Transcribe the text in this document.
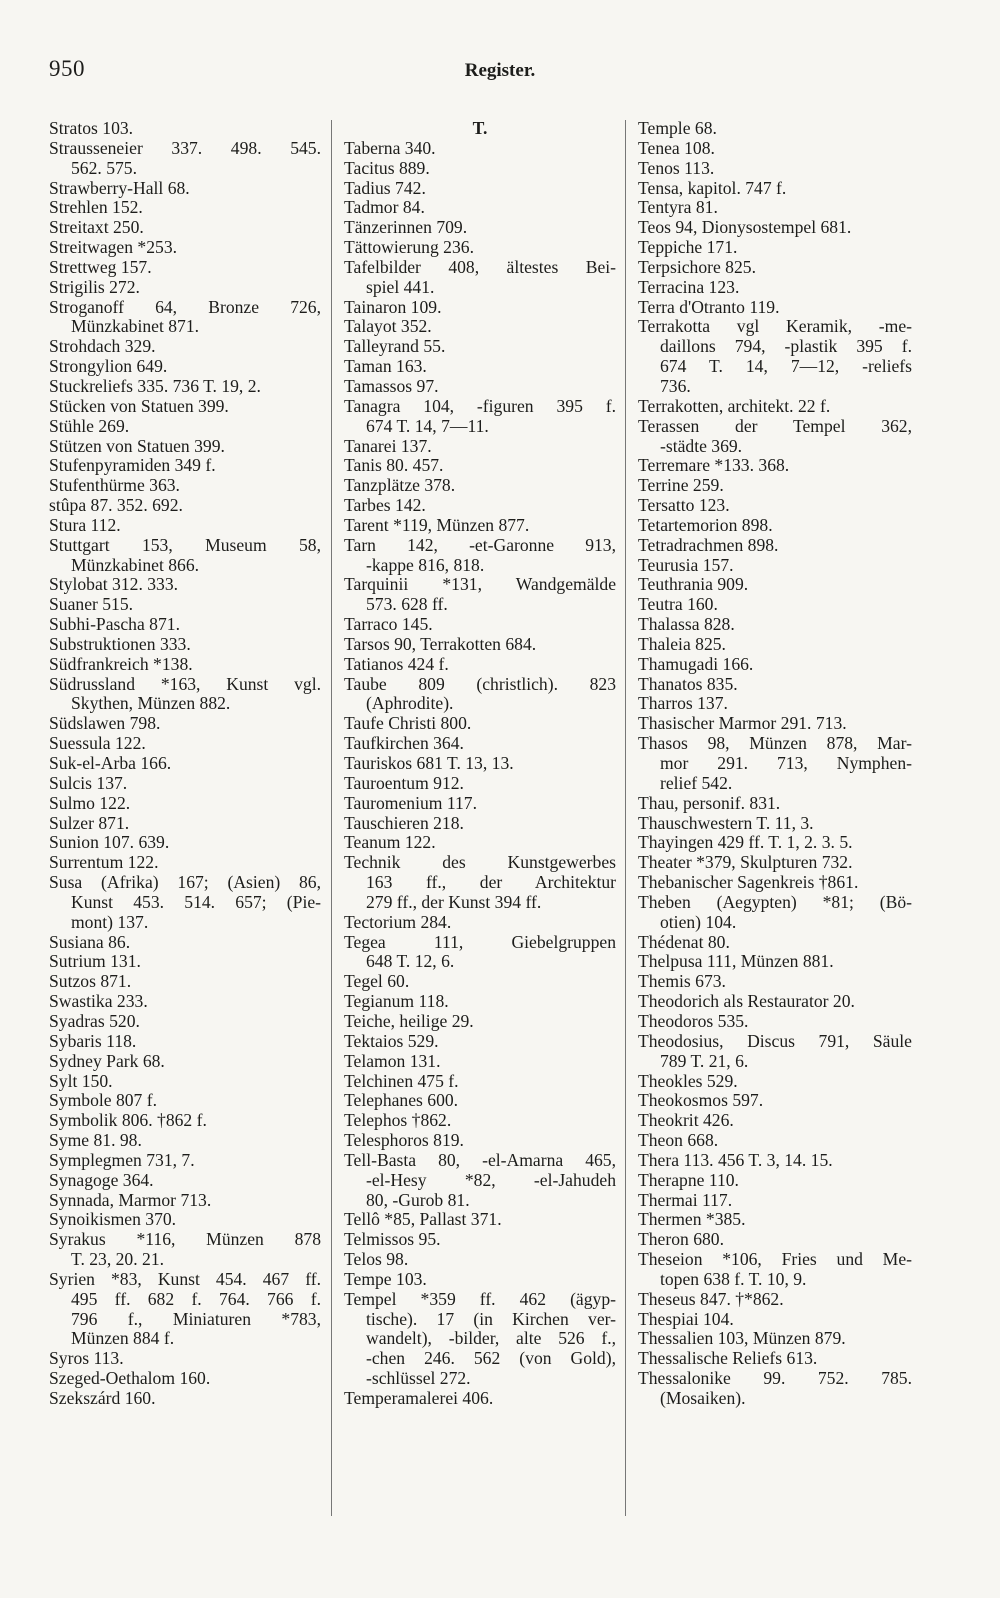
950	Register.
Stratos 103.
Strausseneier 337. 498. 545.
562. 575.
Strawberry-Hall 68.
Strehlen 152.
Streitaxt 250.
Streitwagen *253.
Strettweg 157.
Strigilis 272.
Stroganoff 64, Bronze 726,
Münzkabinet 871.
Strohdach 329.
Strongylion 649.
Stuckreliefs 335. 736 T. 19, 2.
Stücken von Statuen 399.
Stühle 269.
Stützen von Statuen 399.
Stufenpyramiden 349 f.
Stufenthürme 363.
stûpa 87. 352. 692.
Stura 112.
Stuttgart 153, Museum 58,
Münzkabinet 866.
Stylobat 312. 333.
Suaner 515.
Subhi-Pascha 871.
Substruktionen 333.
Südfrankreich *138.
Südrussland *163, Kunst vgl.
Skythen, Münzen 882.
Südslawen 798.
Suessula 122.
Suk-el-Arba 166.
Sulcis 137.
Sulmo 122.
Sulzer 871.
Sunion 107. 639.
Surrentum 122.
Susa (Afrika) 167; (Asien) 86,
Kunst 453. 514. 657; (Pie-
mont) 137.
Susiana 86.
Sutrium 131.
Sutzos 871.
Swastika 233.
Syadras 520.
Sybaris 118.
Sydney Park 68.
Sylt 150.
Symbole 807 f.
Symbolik 806. †862 f.
Syme 81. 98.
Symplegmen 731, 7.
Synagoge 364.
Synnada, Marmor 713.
Synoikismen 370.
Syrakus *116, Münzen 878
T. 23, 20. 21.
Syrien *83, Kunst 454. 467 ff.
495 ff. 682 f. 764. 766 f.
796 f., Miniaturen *783,
Münzen 884 f.
Syros 113.
Szeged-Oethalom 160.
Szekszárd 160.
T.
Taberna 340.
Tacitus 889.
Tadius 742.
Tadmor 84.
Tänzerinnen 709.
Tättowierung 236.
Tafelbilder 408, ältestes Bei-
spiel 441.
Tainaron 109.
Talayot 352.
Talleyrand 55.
Taman 163.
Tamassos 97.
Tanagra 104, -figuren 395 f.
674 T. 14, 7—11.
Tanarei 137.
Tanis 80. 457.
Tanzplätze 378.
Tarbes 142.
Tarent *119, Münzen 877.
Tarn 142, -et-Garonne 913,
-kappe 816, 818.
Tarquinii *131, Wandgemälde
573. 628 ff.
Tarraco 145.
Tarsos 90, Terrakotten 684.
Tatianos 424 f.
Taube 809 (christlich). 823
(Aphrodite).
Taufe Christi 800.
Taufkirchen 364.
Tauriskos 681 T. 13, 13.
Tauroentum 912.
Tauromenium 117.
Tauschieren 218.
Teanum 122.
Technik des Kunstgewerbes
163 ff., der Architektur
279 ff., der Kunst 394 ff.
Tectorium 284.
Tegea 111, Giebelgruppen
648 T. 12, 6.
Tegel 60.
Tegianum 118.
Teiche, heilige 29.
Tektaios 529.
Telamon 131.
Telchinen 475 f.
Telephanes 600.
Telephos †862.
Telesphoros 819.
Tell-Basta 80, -el-Amarna 465,
-el-Hesy *82, -el-Jahudeh
80, -Gurob 81.
Tellô *85, Pallast 371.
Telmissos 95.
Telos 98.
Tempe 103.
Tempel *359 ff. 462 (ägyp-
tische). 17 (in Kirchen ver-
wandelt), -bilder, alte 526 f.,
-chen 246. 562 (von Gold),
-schlüssel 272.
Temperamalerei 406.
Temple 68.
Tenea 108.
Tenos 113.
Tensa, kapitol. 747 f.
Tentyra 81.
Teos 94, Dionysostempel 681.
Teppiche 171.
Terpsichore 825.
Terracina 123.
Terra d'Otranto 119.
Terrakotta vgl Keramik, -me-
daillons 794, -plastik 395 f.
674 T. 14, 7—12, -reliefs
736.
Terrakotten, architekt. 22 f.
Terassen der Tempel 362,
-städte 369.
Terremare *133. 368.
Terrine 259.
Tersatto 123.
Tetartemorion 898.
Tetradrachmen 898.
Teurusia 157.
Teuthrania 909.
Teutra 160.
Thalassa 828.
Thaleia 825.
Thamugadi 166.
Thanatos 835.
Tharros 137.
Thasischer Marmor 291. 713.
Thasos 98, Münzen 878, Mar-
mor 291. 713, Nymphen-
relief 542.
Thau, personif. 831.
Thauschwestern T. 11, 3.
Thayingen 429 ff. T. 1, 2. 3. 5.
Theater *379, Skulpturen 732.
Thebanischer Sagenkreis †861.
Theben (Aegypten) *81; (Bö-
otien) 104.
Thédenat 80.
Thelpusa 111, Münzen 881.
Themis 673.
Theodorich als Restaurator 20.
Theodoros 535.
Theodosius, Discus 791, Säule
789 T. 21, 6.
Theokles 529.
Theokosmos 597.
Theokrit 426.
Theon 668.
Thera 113. 456 T. 3, 14. 15.
Therapne 110.
Thermai 117.
Thermen *385.
Theron 680.
Theseion *106, Fries und Me-
topen 638 f. T. 10, 9.
Theseus 847. †*862.
Thespiai 104.
Thessalien 103, Münzen 879.
Thessalische Reliefs 613.
Thessalonike 99. 752. 785.
(Mosaiken).
